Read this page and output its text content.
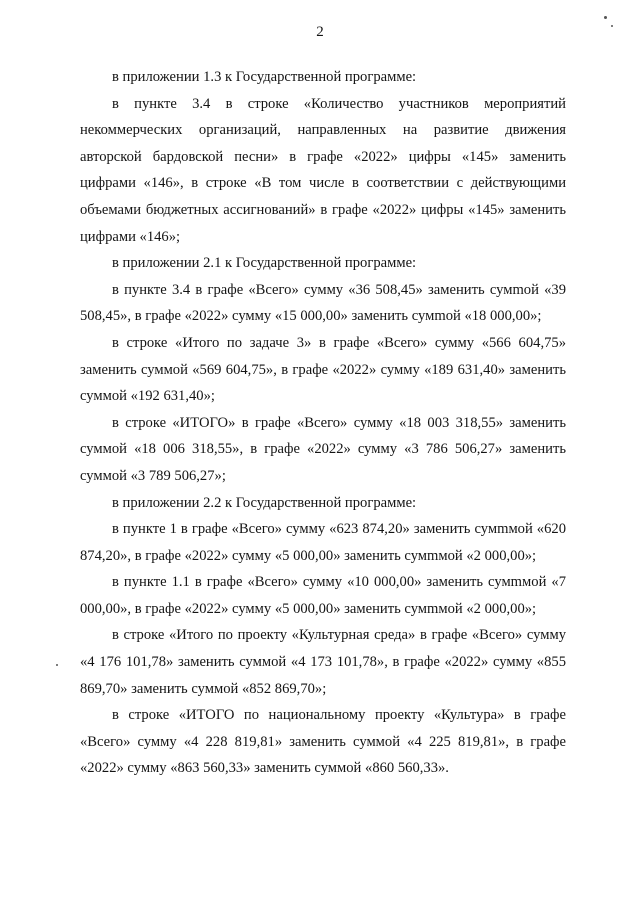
2

в приложении 1.3 к Государственной программе:

в пункте 3.4 в строке «Количество участников мероприятий некоммерческих организаций, направленных на развитие движения авторской бардовской песни» в графе «2022» цифры «145» заменить цифрами «146», в строке «В том числе в соответствии с действующими объемами бюджетных ассигнований» в графе «2022» цифры «145» заменить цифрами «146»;

в приложении 2.1 к Государственной программе:

в пункте 3.4 в графе «Всего» сумму «36 508,45» заменить сумmой «39 508,45», в графе «2022» сумму «15 000,00» заменить сумmой «18 000,00»;

в строке «Итого по задаче 3» в графе «Всего» сумму «566 604,75» заменить суммой «569 604,75», в графе «2022» сумму «189 631,40» заменить суммой «192 631,40»;

в строке «ИТОГО» в графе «Всего» сумму «18 003 318,55» заменить суммой «18 006 318,55», в графе «2022» сумму «3 786 506,27» заменить суммой «3 789 506,27»;

в приложении 2.2 к Государственной программе:

в пункте 1 в графе «Всего» сумму «623 874,20» заменить сумmмой «620 874,20», в графе «2022» сумму «5 000,00» заменить сумmмой «2 000,00»;

в пункте 1.1 в графе «Всего» сумму «10 000,00» заменить сумmмой «7 000,00», в графе «2022» сумму «5 000,00» заменить сумmмой «2 000,00»;

в строке «Итого по проекту «Культурная среда» в графе «Всего» сумму «4 176 101,78» заменить суммой «4 173 101,78», в графе «2022» сумму «855 869,70» заменить суммой «852 869,70»;

в строке «ИТОГО по национальному проекту «Культура» в графе «Всего» сумму «4 228 819,81» заменить суммой «4 225 819,81», в графе «2022» сумму «863 560,33» заменить суммой «860 560,33».
